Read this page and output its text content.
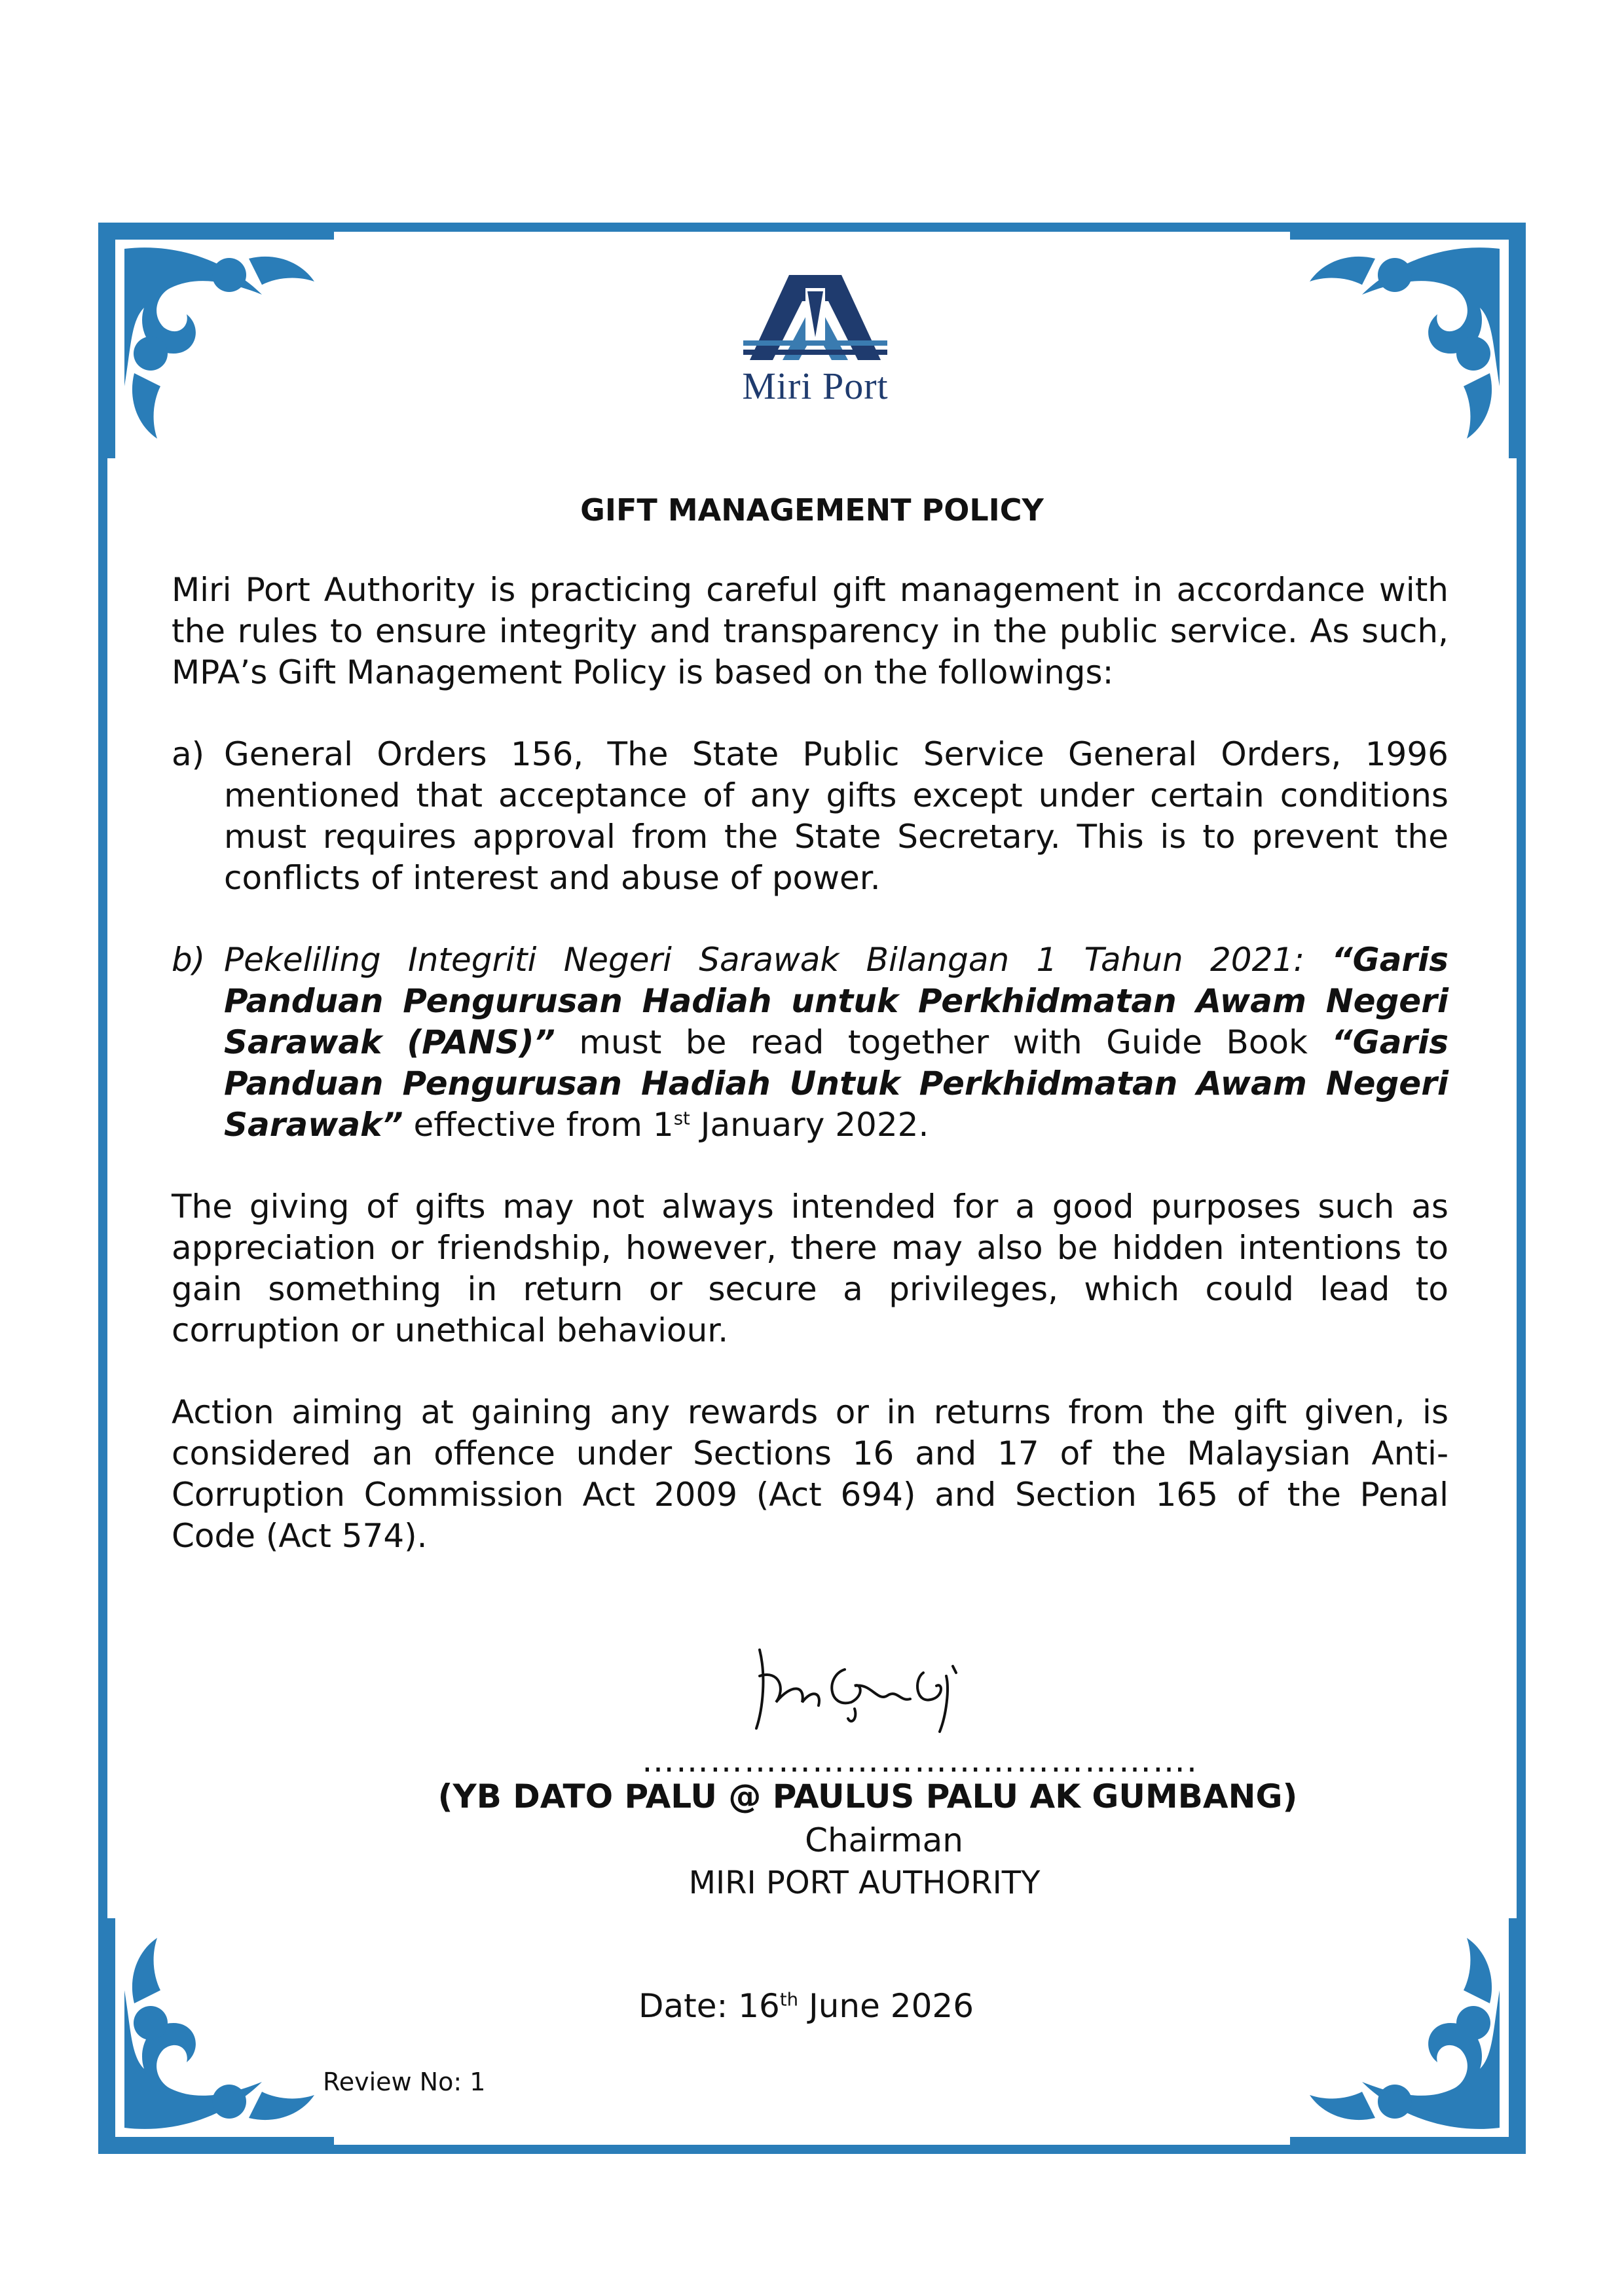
Miri Port
GIFT MANAGEMENT POLICY

Miri Port Authority is practicing careful gift management in accordance with the rules to ensure integrity and transparency in the public service. As such, MPA’s Gift Management Policy is based on the followings:

a) General Orders 156, The State Public Service General Orders, 1996 mentioned that acceptance of any gifts except under certain conditions must requires approval from the State Secretary. This is to prevent the conflicts of interest and abuse of power.
b) Pekeliling Integriti Negeri Sarawak Bilangan 1 Tahun 2021: “Garis Panduan Pengurusan Hadiah untuk Perkhidmatan Awam Negeri Sarawak (PANS)” must be read together with Guide Book “Garis Panduan Pengurusan Hadiah Untuk Perkhidmatan Awam Negeri Sarawak” effective from 1st January 2022.

The giving of gifts may not always intended for a good purposes such as appreciation or friendship, however, there may also be hidden intentions to gain something in return or secure a privileges, which could lead to corruption or unethical behaviour.

Action aiming at gaining any rewards or in returns from the gift given, is considered an offence under Sections 16 and 17 of the Malaysian Anti-Corruption Commission Act 2009 (Act 694) and Section 165 of the Penal Code (Act 574).

………………………………………….
(YB DATO PALU @ PAULUS PALU AK GUMBANG)
Chairman
MIRI PORT AUTHORITY
Date: 16th June 2026
Review No: 1
